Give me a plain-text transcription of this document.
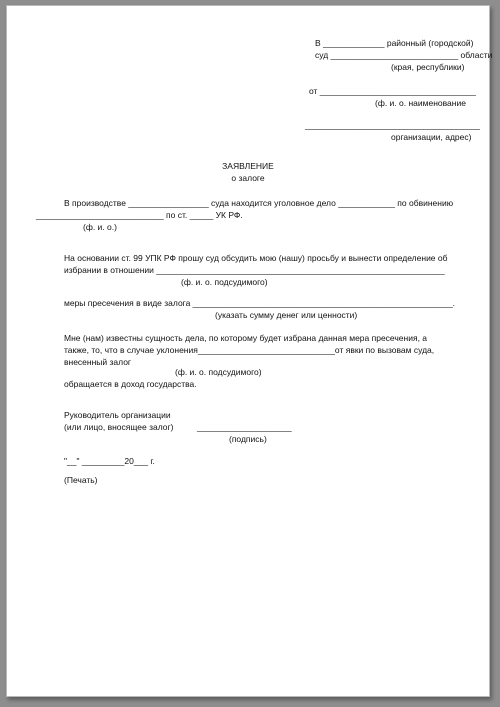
В _____________ районный (городской)
суд ___________________________ области
(края, республики)
от _________________________________
(ф. и. о. наименование
_____________________________________
организации, адрес)
ЗАЯВЛЕНИЕ
о залоге
В производстве _________________ суда находится уголовное дело ____________ по обвинению
___________________________ по ст. _____ УК РФ.
(ф. и. о.)
На основании ст. 99 УПК РФ прошу суд обсудить мою (нашу) просьбу и вынести определение об
избрании в отношении _____________________________________________________________
(ф. и. о. подсудимого)
меры пресечения в виде залога _______________________________________________________.
(указать сумму денег или ценности)
Мне (нам) известны сущность дела, по которому будет избрана данная мера пресечения, а
также, то, что в случае уклонения_____________________________от явки по вызовам суда,
внесенный залог
(ф. и. о. подсудимого)
обращается в доход государства.
Руководитель организации
(или лицо, вносящее залог)	____________________
(подпись)
"__" _________20___ г.
(Печать)
